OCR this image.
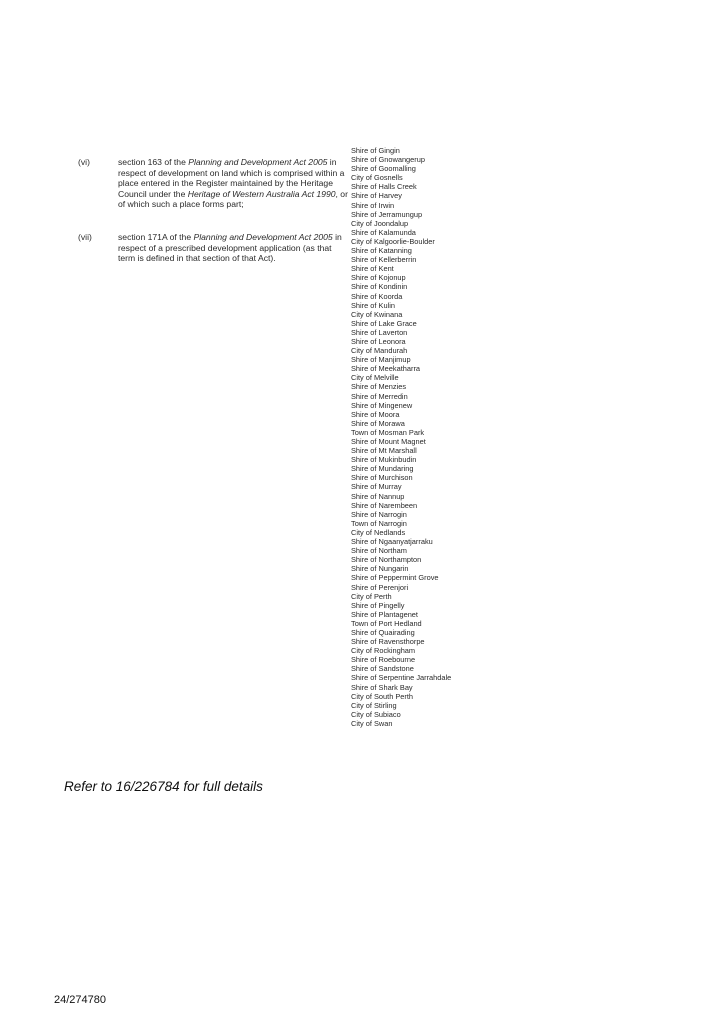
(vi)	section 163 of the Planning and Development Act 2005 in respect of development on land which is comprised within a place entered in the Register maintained by the Heritage Council under the Heritage of Western Australia Act 1990, or of which such a place forms part;
(vii)	section 171A of the Planning and Development Act 2005 in respect of a prescribed development application (as that term is defined in that section of that Act).
Shire of Gingin
Shire of Gnowangerup
Shire of Goomalling
City of Gosnells
Shire of Halls Creek
Shire of Harvey
Shire of Irwin
Shire of Jerramungup
City of Joondalup
Shire of Kalamunda
City of Kalgoorlie-Boulder
Shire of Katanning
Shire of Kellerberrin
Shire of Kent
Shire of Kojonup
Shire of Kondinin
Shire of Koorda
Shire of Kulin
City of Kwinana
Shire of Lake Grace
Shire of Laverton
Shire of Leonora
City of Mandurah
Shire of Manjimup
Shire of Meekatharra
City of Melville
Shire of Menzies
Shire of Merredin
Shire of Mingenew
Shire of Moora
Shire of Morawa
Town of Mosman Park
Shire of Mount Magnet
Shire of Mt Marshall
Shire of Mukinbudin
Shire of Mundaring
Shire of Murchison
Shire of Murray
Shire of Nannup
Shire of Narembeen
Shire of Narrogin
Town of Narrogin
City of Nedlands
Shire of Ngaanyatjarraku
Shire of Northam
Shire of Northampton
Shire of Nungarin
Shire of Peppermint Grove
Shire of Perenjori
City of Perth
Shire of Pingelly
Shire of Plantagenet
Town of Port Hedland
Shire of Quairading
Shire of Ravensthorpe
City of Rockingham
Shire of Roebourne
Shire of Sandstone
Shire of Serpentine Jarrahdale
Shire of Shark Bay
City of South Perth
City of Stirling
City of Subiaco
City of Swan
Refer to 16/226784 for full details
24/274780
